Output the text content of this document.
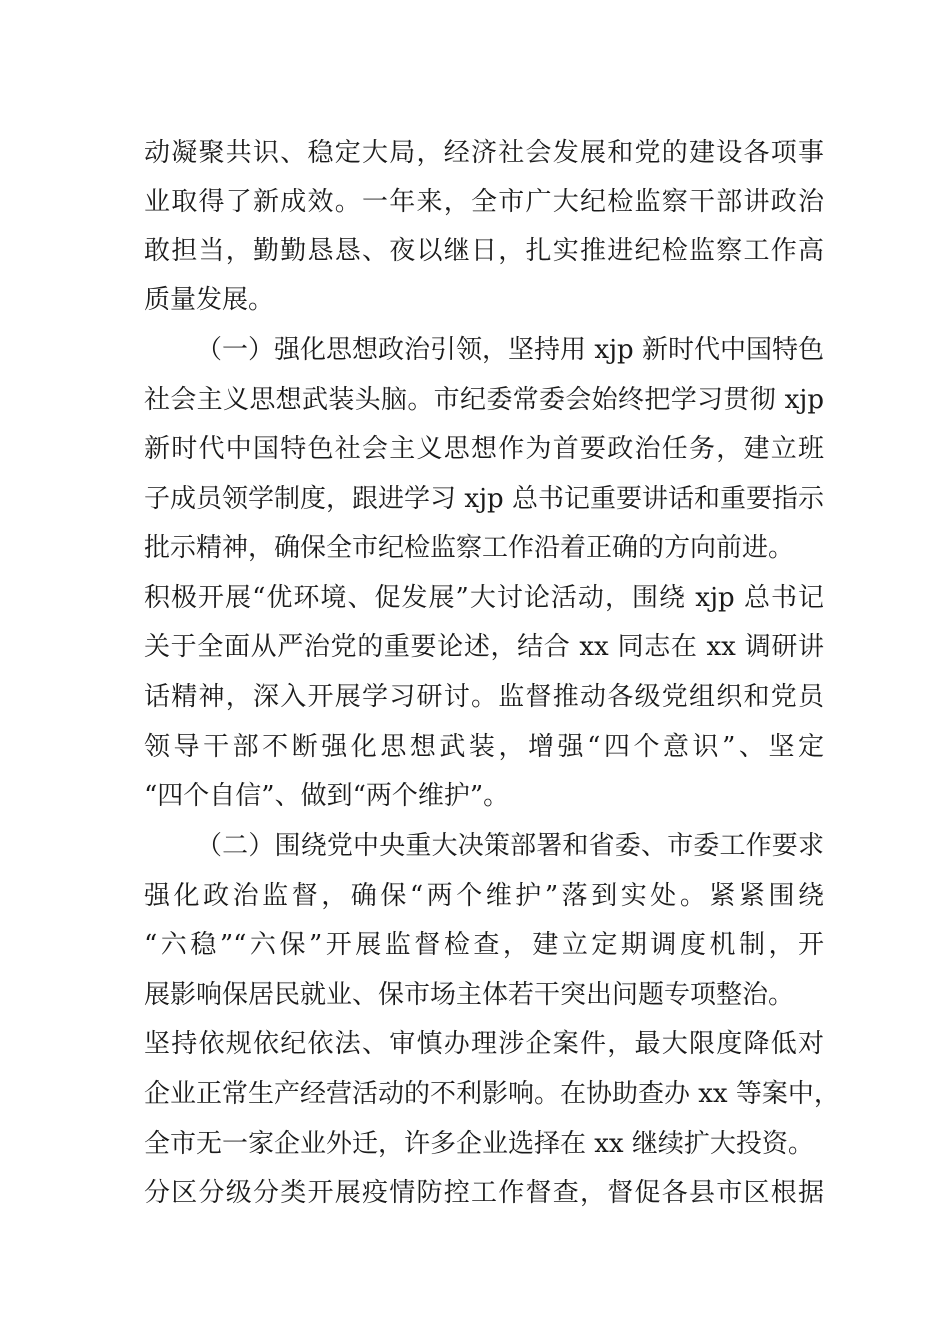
动凝聚共识、稳定大局，经济社会发展和党的建设各项事
业取得了新成效。一年来，全市广大纪检监察干部讲政治
敢担当，勤勤恳恳、夜以继日，扎实推进纪检监察工作高
质量发展。
（一）强化思想政治引领，坚持用 xjp 新时代中国特色
社会主义思想武装头脑。市纪委常委会始终把学习贯彻 xjp
新时代中国特色社会主义思想作为首要政治任务，建立班
子成员领学制度，跟进学习 xjp 总书记重要讲话和重要指示
批示精神，确保全市纪检监察工作沿着正确的方向前进。
积极开展“优环境、促发展”大讨论活动，围绕 xjp 总书记
关于全面从严治党的重要论述，结合 xx 同志在 xx 调研讲
话精神，深入开展学习研讨。监督推动各级党组织和党员
领导干部不断强化思想武装，增强“四个意识”、坚定
“四个自信”、做到“两个维护”。
（二）围绕党中央重大决策部署和省委、市委工作要求
强化政治监督，确保“两个维护”落到实处。紧紧围绕
“六稳”“六保”开展监督检查，建立定期调度机制，开
展影响保居民就业、保市场主体若干突出问题专项整治。
坚持依规依纪依法、审慎办理涉企案件，最大限度降低对
企业正常生产经营活动的不利影响。在协助查办 xx 等案中，
全市无一家企业外迁，许多企业选择在 xx 继续扩大投资。
分区分级分类开展疫情防控工作督查，督促各县市区根据
